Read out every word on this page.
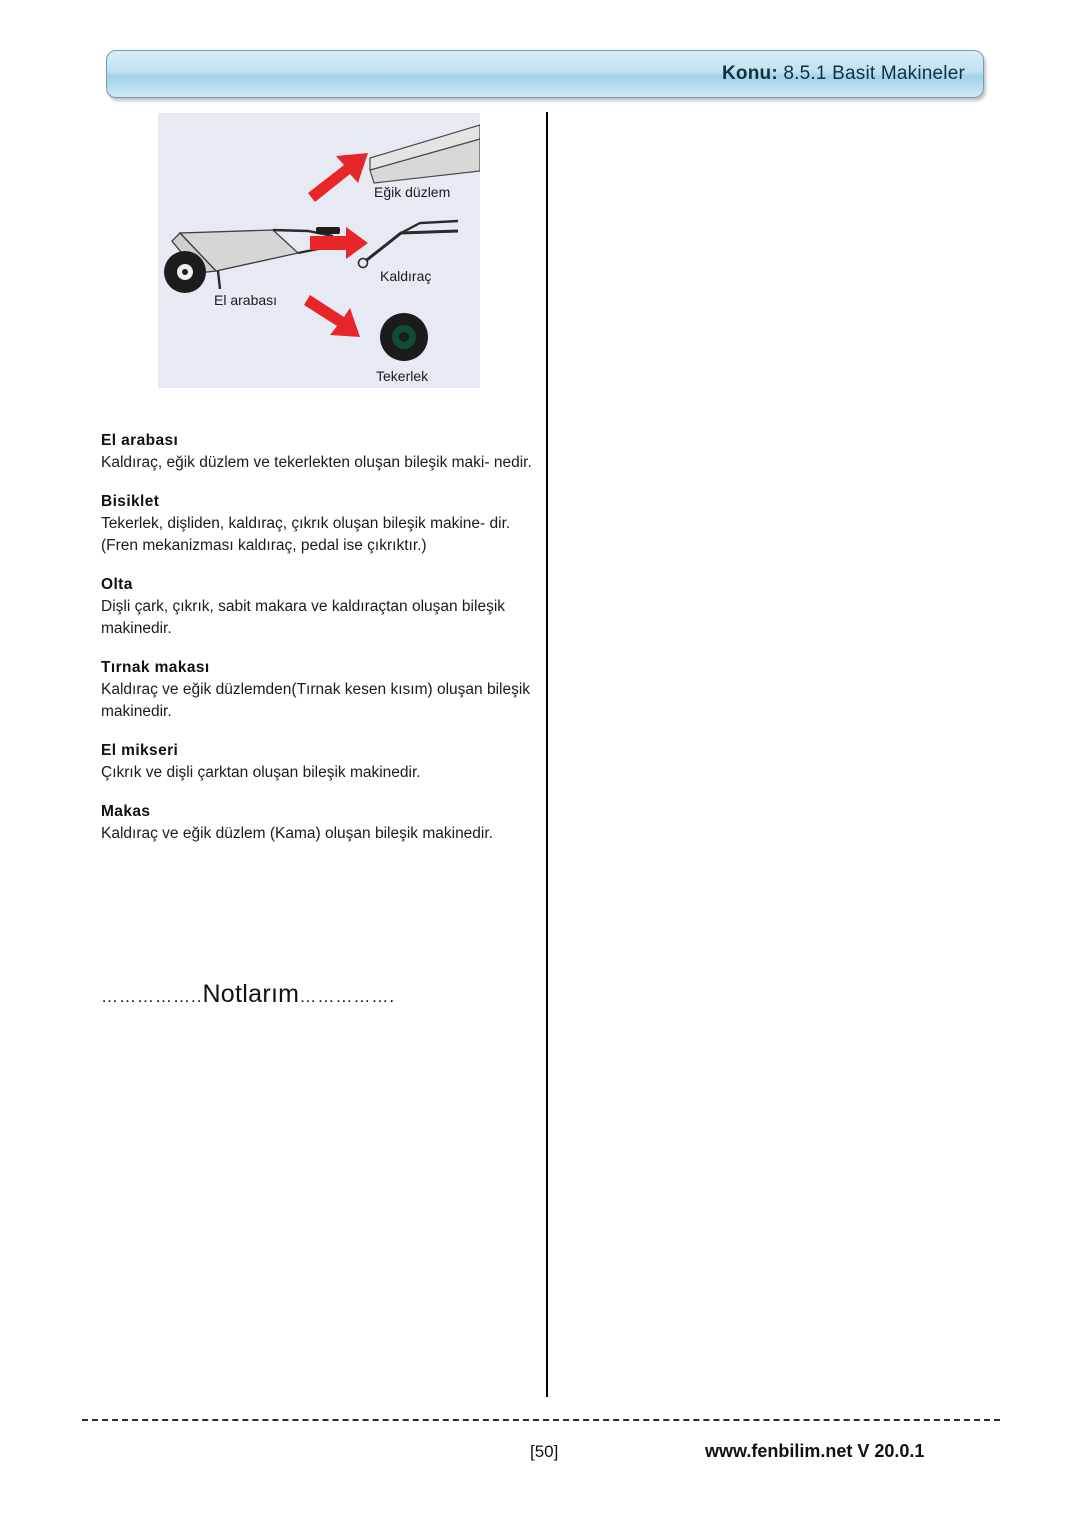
Konu: 8.5.1 Basit Makineler
Eğik düzlem
Kaldıraç
El arabası
Tekerlek

El arabası

Kaldıraç, eğik düzlem ve tekerlekten oluşan bileşik maki- nedir.

Bisiklet

Tekerlek, dişliden, kaldıraç, çıkrık oluşan bileşik makine- dir. (Fren mekanizması kaldıraç, pedal ise çıkrıktır.)

Olta

Dişli çark, çıkrık, sabit makara ve kaldıraçtan oluşan bileşik makinedir.

Tırnak makası

Kaldıraç ve eğik düzlemden(Tırnak kesen kısım) oluşan bileşik makinedir.

El mikseri

Çıkrık ve dişli çarktan oluşan bileşik makinedir.

Makas

Kaldıraç ve eğik düzlem (Kama) oluşan bileşik makinedir.

……………..Notlarım…………….
[50]	www.fenbilim.net V 20.0.1
